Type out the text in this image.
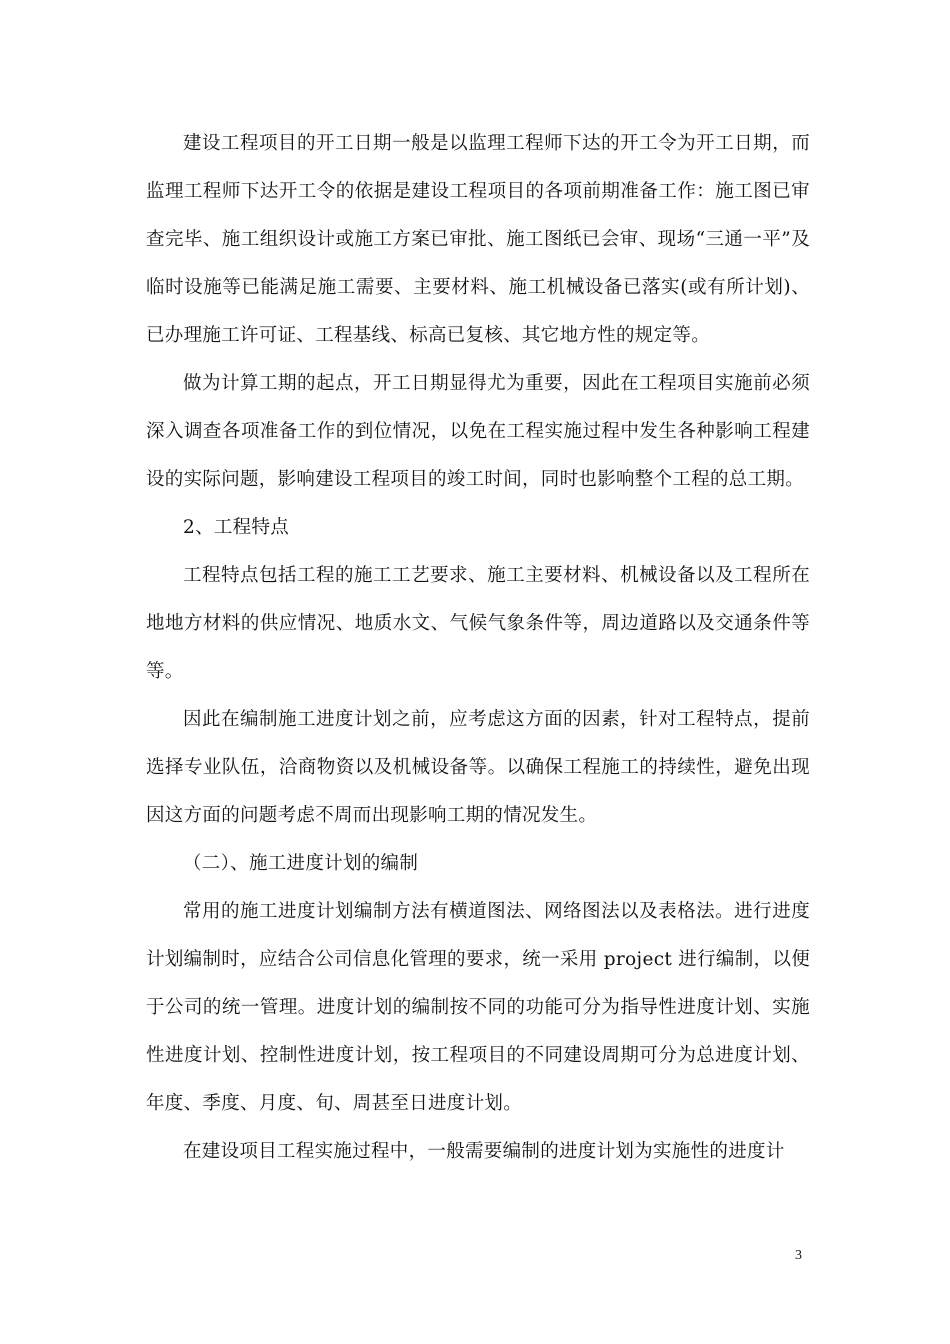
建设工程项目的开工日期一般是以监理工程师下达的开工令为开工日期，而监理工程师下达开工令的依据是建设工程项目的各项前期准备工作：施工图已审查完毕、施工组织设计或施工方案已审批、施工图纸已会审、现场“三通一平”及临时设施等已能满足施工需要、主要材料、施工机械设备已落实(或有所计划)、已办理施工许可证、工程基线、标高已复核、其它地方性的规定等。

做为计算工期的起点，开工日期显得尤为重要，因此在工程项目实施前必须深入调查各项准备工作的到位情况，以免在工程实施过程中发生各种影响工程建设的实际问题，影响建设工程项目的竣工时间，同时也影响整个工程的总工期。

2、工程特点

工程特点包括工程的施工工艺要求、施工主要材料、机械设备以及工程所在地地方材料的供应情况、地质水文、气候气象条件等，周边道路以及交通条件等等。

因此在编制施工进度计划之前，应考虑这方面的因素，针对工程特点，提前选择专业队伍，洽商物资以及机械设备等。以确保工程施工的持续性，避免出现因这方面的问题考虑不周而出现影响工期的情况发生。

（二）、施工进度计划的编制

常用的施工进度计划编制方法有横道图法、网络图法以及表格法。进行进度计划编制时，应结合公司信息化管理的要求，统一采用 project 进行编制，以便于公司的统一管理。进度计划的编制按不同的功能可分为指导性进度计划、实施性进度计划、控制性进度计划，按工程项目的不同建设周期可分为总进度计划、年度、季度、月度、旬、周甚至日进度计划。

在建设项目工程实施过程中，一般需要编制的进度计划为实施性的进度计

3
